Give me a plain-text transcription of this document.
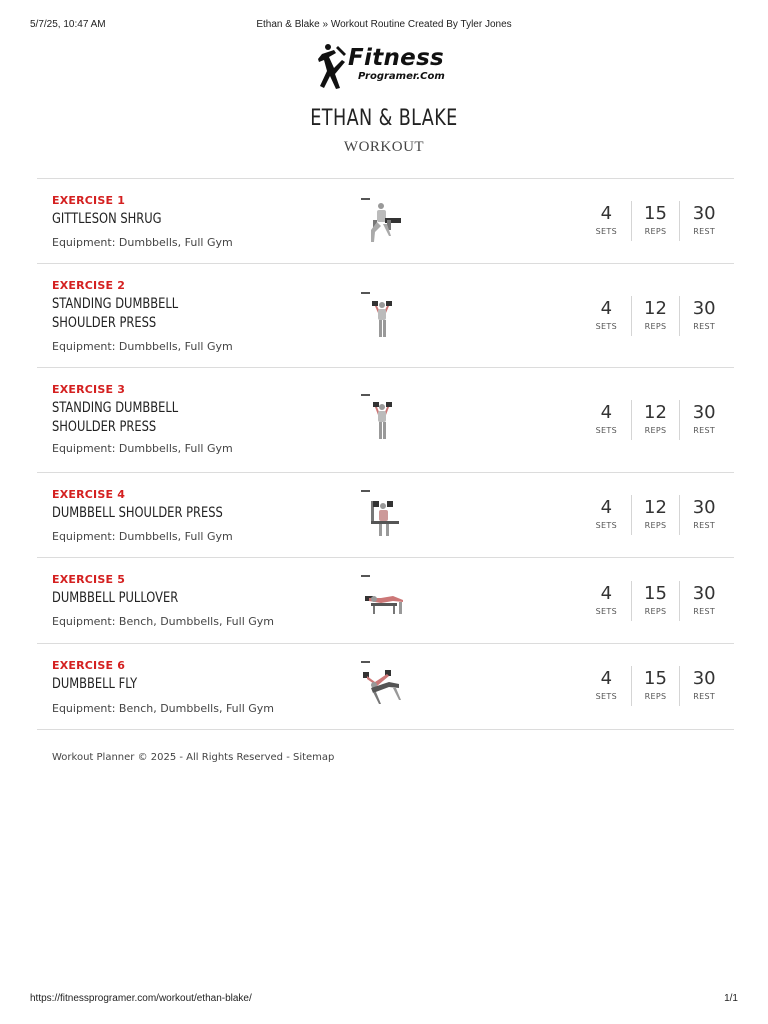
5/7/25, 10:47 AM	Ethan & Blake » Workout Routine Created By Tyler Jones
Fitness
Programer.Com
ETHAN & BLAKE
WORKOUT
EXERCISE 1
GITTLESON SHRUG
Equipment: Dumbbells, Full Gym
4
SETS
15
REPS
30
REST
EXERCISE 2
STANDING DUMBBELL SHOULDER PRESS
Equipment: Dumbbells, Full Gym
4
SETS
12
REPS
30
REST
EXERCISE 3
STANDING DUMBBELL SHOULDER PRESS
Equipment: Dumbbells, Full Gym
4
SETS
12
REPS
30
REST
EXERCISE 4
DUMBBELL SHOULDER PRESS
Equipment: Dumbbells, Full Gym
4
SETS
12
REPS
30
REST
EXERCISE 5
DUMBBELL PULLOVER
Equipment: Bench, Dumbbells, Full Gym
4
SETS
15
REPS
30
REST
EXERCISE 6
DUMBBELL FLY
Equipment: Bench, Dumbbells, Full Gym
4
SETS
15
REPS
30
REST
Workout Planner © 2025 - All Rights Reserved - Sitemap
https://fitnessprogramer.com/workout/ethan-blake/	1/1
